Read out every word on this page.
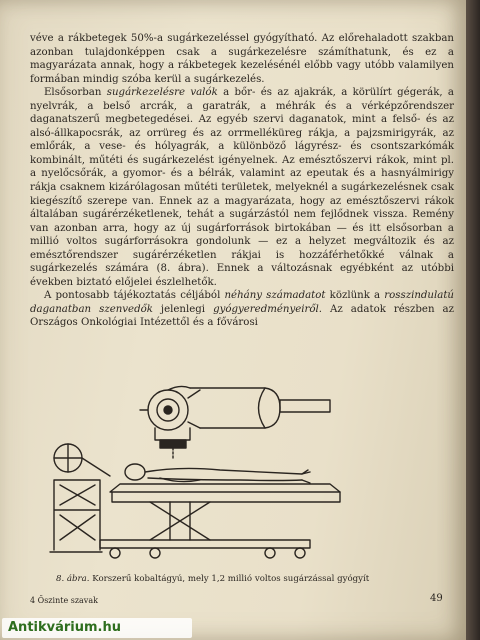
véve a rákbetegek 50%-a sugárkezeléssel gyógyítható. Az előrehaladott szakban azonban tulajdonképpen csak a sugárkezelésre számíthatunk, és ez a magyarázata annak, hogy a rákbetegek kezelésénél előbb vagy utóbb valamilyen formában mindig szóba kerül a sugárkezelés.

Elsősorban sugárkezelésre valók a bőr- és az ajakrák, a körülírt gégerák, a nyelvrák, a belső arcrák, a garatrák, a méhrák és a vérképzőrendszer daganatszerű megbetegedései. Az egyéb szervi daganatok, mint a felső- és az alsó-állkapocsrák, az orrüreg és az orrmelléküreg rákja, a pajzsmirigyrák, az emlőrák, a vese- és hólyagrák, a különböző lágyrész- és csontszarkómák kombinált, műtéti és sugárkezelést igényelnek. Az emésztőszervi rákok, mint pl. a nyelőcsőrák, a gyomor- és a bélrák, valamint az epeutak és a hasnyálmirigy rákja csaknem kizárólagosan műtéti területek, melyeknél a sugárkezelésnek csak kiegészítő szerepe van. Ennek az a magyarázata, hogy az emésztőszervi rákok általában sugárérzéketlenek, tehát a sugárzástól nem fejlődnek vissza. Remény van azonban arra, hogy az új sugárforrások birtokában — és itt elsősorban a millió voltos sugárforrásokra gondolunk — ez a helyzet megváltozik és az emésztőrendszer sugárérzéketlen rákjai is hozzáférhetőkké válnak a sugárkezelés számára (8. ábra). Ennek a változásnak egyébként az utóbbi években biztató előjelei észlelhetők.

A pontosabb tájékoztatás céljából néhány számadatot közlünk a rosszindulatú daganatban szenvedők jelenlegi gyógyeredményeiről. Az adatok részben az Országos Onkológiai Intézettől és a fővárosi

8. ábra. Korszerű kobaltágyú, mely 1,2 millió voltos sugárzással gyógyít
4 Őszinte szavak	49
Antikvárium.hu
